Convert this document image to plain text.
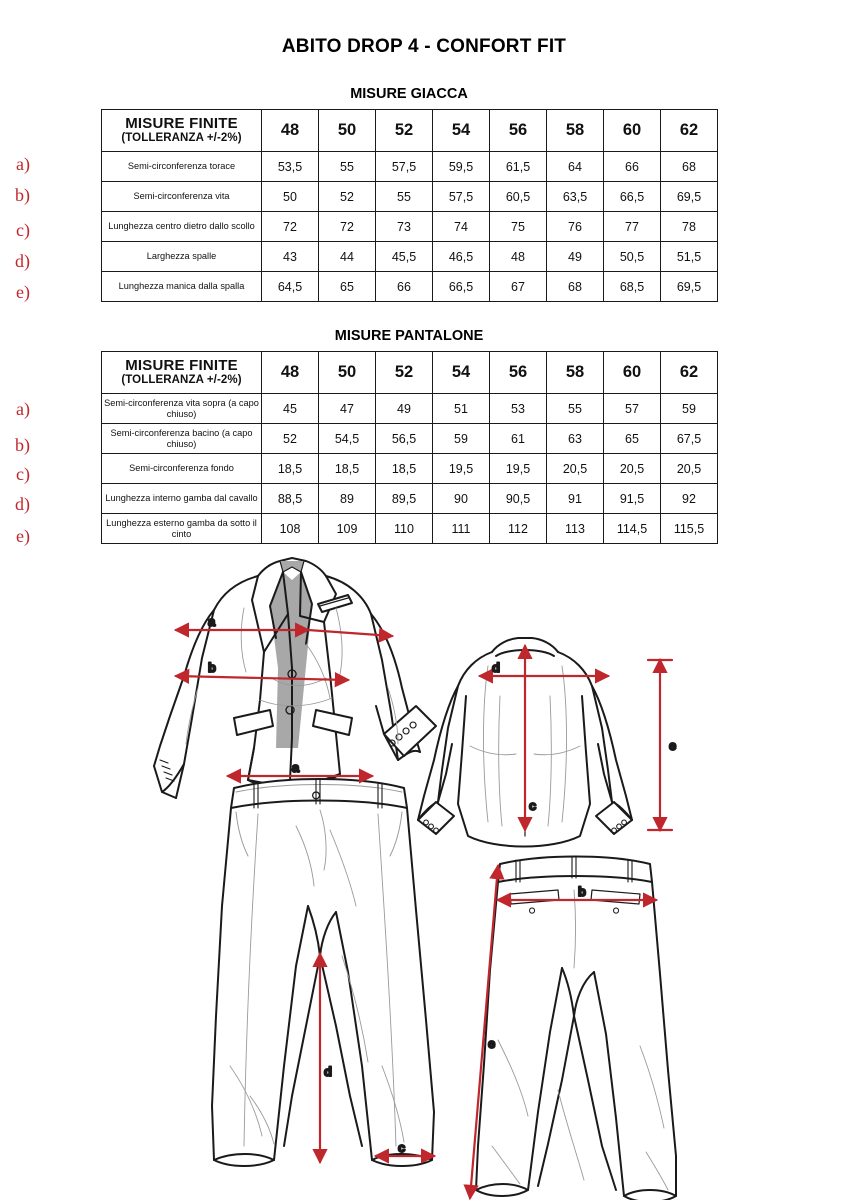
ABITO DROP 4 - CONFORT FIT
MISURE GIACCA
MISURE FINITE
(TOLLERANZA +/-2%)	48	50	52	54	56	58	60	62
Semi-circonferenza torace	53,5	55	57,5	59,5	61,5	64	66	68
Semi-circonferenza vita	50	52	55	57,5	60,5	63,5	66,5	69,5
Lunghezza centro dietro dallo scollo	72	72	73	74	75	76	77	78
Larghezza spalle	43	44	45,5	46,5	48	49	50,5	51,5
Lunghezza manica dalla spalla	64,5	65	66	66,5	67	68	68,5	69,5
a)
b)
c)
d)
e)
MISURE PANTALONE
MISURE FINITE
(TOLLERANZA +/-2%)	48	50	52	54	56	58	60	62
Semi-circonferenza vita sopra (a capo chiuso)	45	47	49	51	53	55	57	59
Semi-circonferenza bacino (a capo chiuso)	52	54,5	56,5	59	61	63	65	67,5
Semi-circonferenza fondo	18,5	18,5	18,5	19,5	19,5	20,5	20,5	20,5
Lunghezza interno gamba dal cavallo	88,5	89	89,5	90	90,5	91	91,5	92
Lunghezza esterno gamba da sotto il cinto	108	109	110	111	112	113	114,5	115,5
a)
b)
c)
d)
e)
a
b	d
c
e
a
d
c
b
e
